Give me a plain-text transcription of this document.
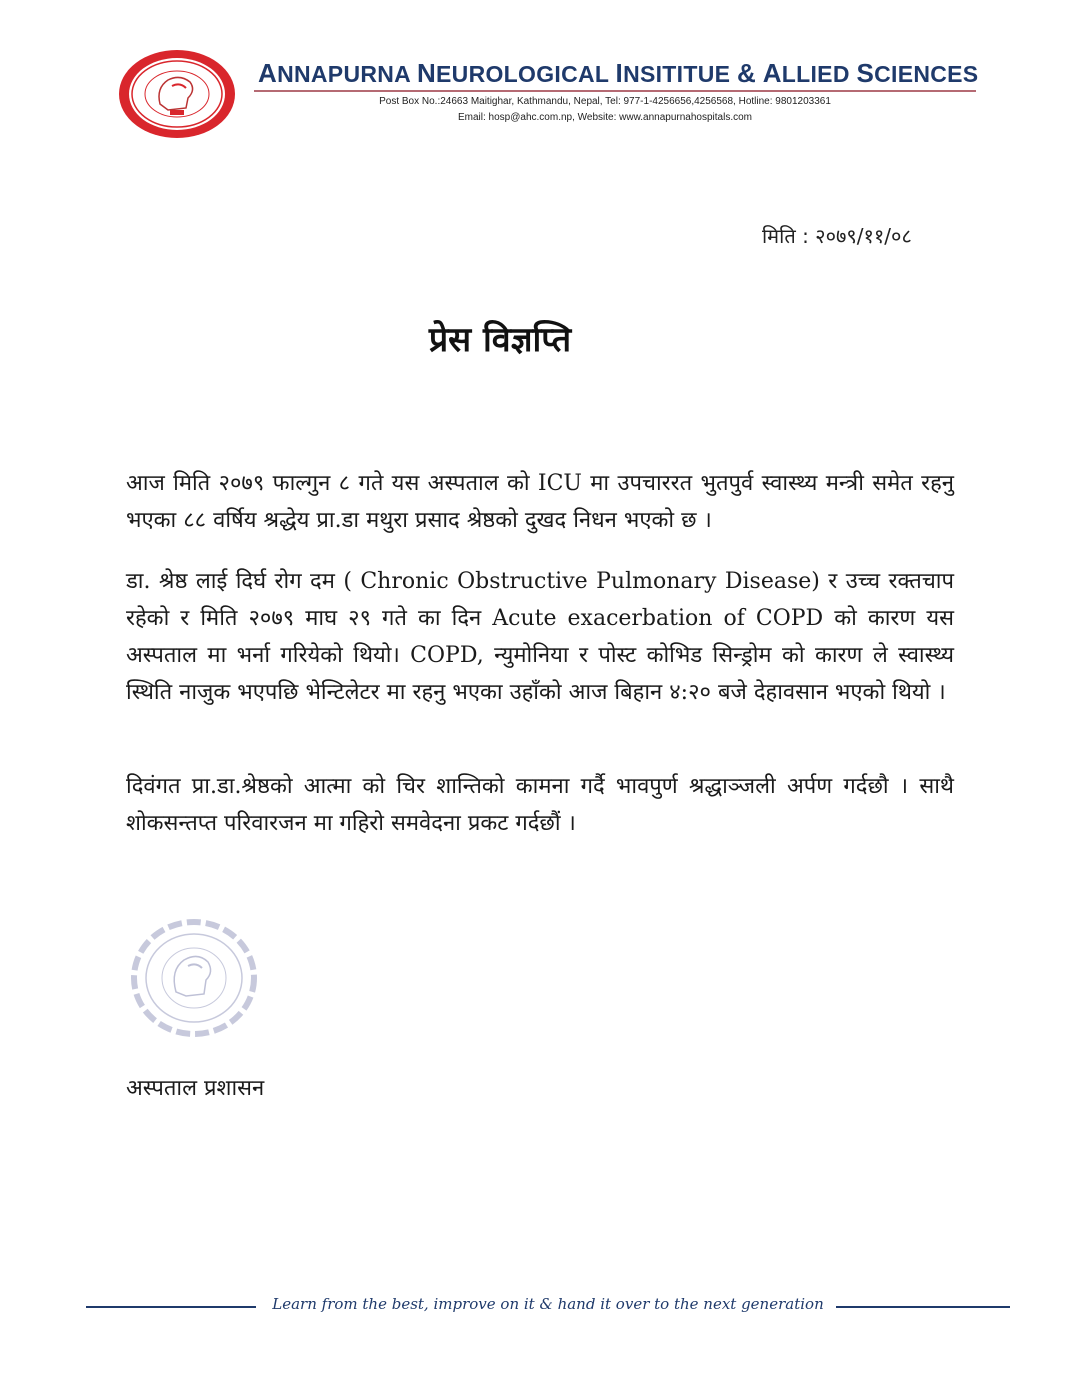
ANNAPURNA NEUROLOGICAL INSITITUE & ALLIED SCIENCES
Post Box No.:24663 Maitighar, Kathmandu, Nepal, Tel: 977-1-4256656,4256568, Hotline: 9801203361
Email: hosp@ahc.com.np, Website: www.annapurnahospitals.com
मिति : २०७९/११/०८
प्रेस विज्ञप्ति
आज मिति २०७९ फाल्गुन ८ गते यस अस्पताल को ICU मा उपचाररत भुतपुर्व स्वास्थ्य मन्त्री समेत रहनु भएका ८८ वर्षिय श्रद्धेय प्रा.डा मथुरा प्रसाद श्रेष्ठको दुखद निधन भएको छ ।
डा. श्रेष्ठ लाई दिर्घ रोग दम ( Chronic Obstructive Pulmonary Disease) र उच्च रक्तचाप रहेको र मिति २०७९ माघ २९ गते का दिन Acute exacerbation of COPD को कारण यस अस्पताल मा भर्ना गरियेको थियो। COPD, न्युमोनिया र पोस्ट कोभिड सिन्ड्रोम को कारण ले स्वास्थ्य स्थिति नाजुक भएपछि भेन्टिलेटर मा रहनु भएका उहाँको आज बिहान ४:२० बजे देहावसान भएको थियो ।
दिवंगत प्रा.डा.श्रेष्ठको आत्मा को चिर शान्तिको कामना गर्दै भावपुर्ण श्रद्धाञ्जली अर्पण गर्दछौ । साथै शोकसन्तप्त परिवारजन मा गहिरो समवेदना प्रकट गर्दछौं ।
अस्पताल प्रशासन
Learn from the best, improve on it & hand it over to the next generation
